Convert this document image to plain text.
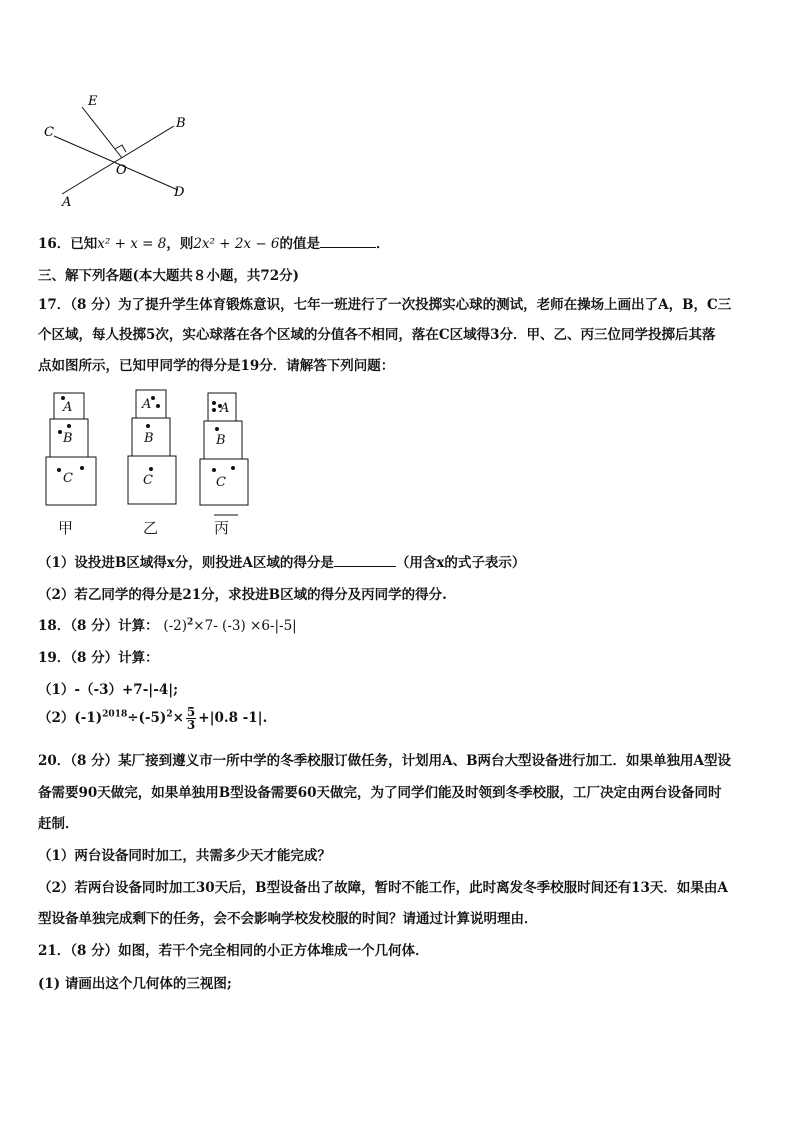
E
C
B
O
A
D
16．已知x² + x = 8，则2x² + 2x − 6的值是	．
三、解下列各题(本大题共８小题，共72分)
17．（8 分）为了提升学生体育锻炼意识，七年一班进行了一次投掷实心球的测试，老师在操场上画出了A，B，C三
个区域，每人投掷5次，实心球落在各个区域的分值各不相同，落在C区域得3分．甲、乙、丙三位同学投掷后其落
点如图所示，已知甲同学的得分是19分．请解答下列问题：
A
B
C
A
B
C
A
B
C
甲	乙	丙
（1）设投进B区域得x分，则投进A区域的得分是	（用含x的式子表示）
（2）若乙同学的得分是21分，求投进B区域的得分及丙同学的得分.
18．（8 分）计算： $(-2)^2\times 7-$ (-3) ×6-|-5|
19．（8 分）计算：
（1）-（-3）+7-|-4|;
$(2)(-1)^{2018}\div(-5)^2\times \frac{5}{3} +|0.8$ -1|.
20．（8 分）某厂接到遵义市一所中学的冬季校服订做任务，计划用A、B两台大型设备进行加工．如果单独用A型设
备需要90天做完，如果单独用B型设备需要60天做完，为了同学们能及时领到冬季校服，工厂决定由两台设备同时
赶制．
（1）两台设备同时加工，共需多少天才能完成？
（2）若两台设备同时加工30天后，B型设备出了故障，暂时不能工作，此时离发冬季校服时间还有13天．如果由A
型设备单独完成剩下的任务，会不会影响学校发校服的时间？请通过计算说明理由．
21．（8 分）如图，若干个完全相同的小正方体堆成一个几何体．
(1) 请画出这个几何体的三视图;
